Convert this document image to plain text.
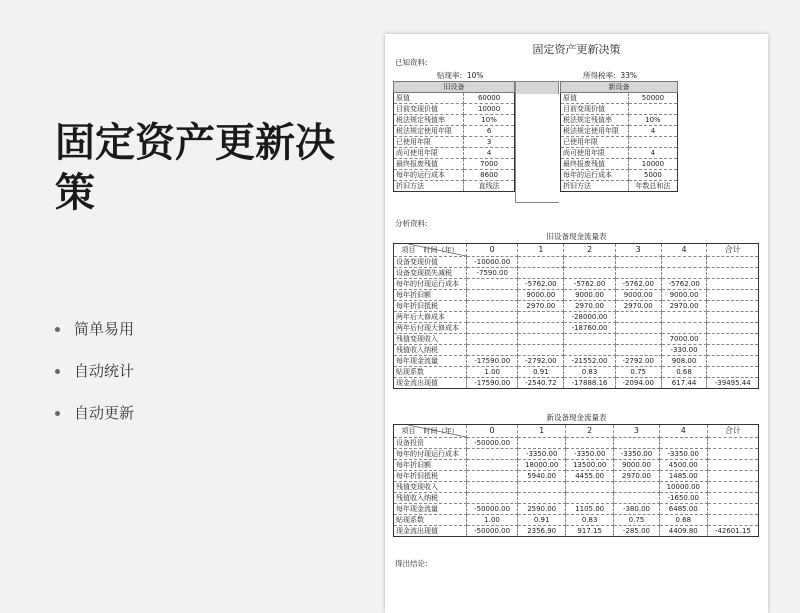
固定资产更新决策
简单易用
自动统计
自动更新
固定资产更新决策
已知资料:
贴现率: 10%	所得税率: 33%
旧设备	
原值	60000
目前变现价值	10000
税法规定残值率	10%
税法规定使用年限	6
已使用年限	3
尚可使用年限	4
最终报废残值	7000
每年的运行成本	8600
折旧方法	直线法
新设备	
原值	50000
目前变现价值	
税法规定残值率	10%
税法规定使用年限	4
已使用年限	
尚可使用年限	4
最终报废残值	10000
每年的运行成本	5000
折旧方法	年数总和法
分析资料:
旧设备现金流量表
项目 时间（年）	0	1	2	3	4	合计
设备变现价值	-10000.00					
设备变现损失减税	-7590.00					
每年的付现运行成本		-5762.00	-5762.00	-5762.00	-5762.00	
每年折旧额		9000.00	9000.00	9000.00	9000.00	
每年折旧抵税		2970.00	2970.00	2970.00	2970.00	
两年后大修成本			-28000.00			
两年后付现大修成本			-18760.00			
残值变现收入					7000.00	
残值收入纳税					-330.00	
每年现金流量	-17590.00	-2792.00	-21552.00	-2792.00	908.00	
贴现系数	1.00	0.91	0.83	0.75	0.68	
现金流出现值	-17590.00	-2540.72	-17888.16	-2094.00	617.44	-39495.44
新设备现金流量表
项目 时间（年）	0	1	2	3	4	合计
设备投资	-50000.00					
每年的付现运行成本		-3350.00	-3350.00	-3350.00	-3350.00	
每年折旧额		18000.00	13500.00	9000.00	4500.00	
每年折旧抵税		5940.00	4455.00	2970.00	1485.00	
残值变现收入					10000.00	
残值收入纳税					-1650.00	
每年现金流量	-50000.00	2590.00	1105.00	-380.00	6485.00	
贴现系数	1.00	0.91	0.83	0.75	0.68	
现金流出现值	-50000.00	2356.90	917.15	-285.00	4409.80	-42601.15
得出结论:
